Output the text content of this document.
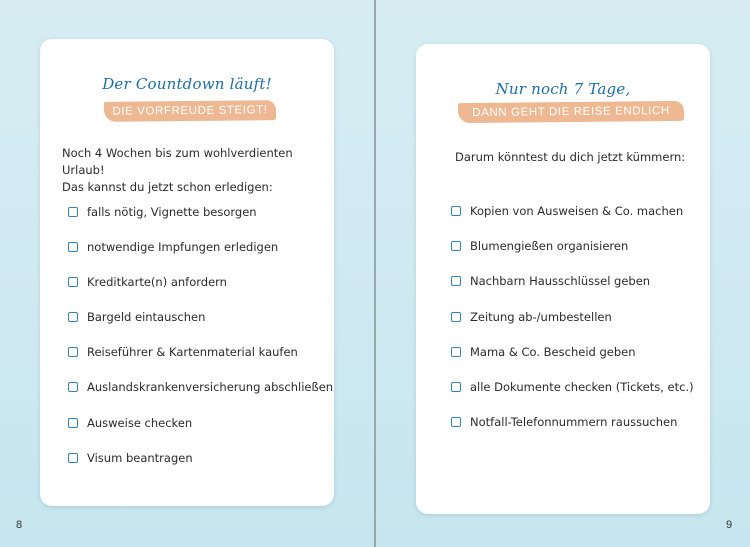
Der Countdown läuft!
DIE VORFREUDE STEIGT!
Noch 4 Wochen bis zum wohlverdienten Urlaub!
Das kannst du jetzt schon erledigen:
falls nötig, Vignette besorgen
notwendige Impfungen erledigen
Kreditkarte(n) anfordern
Bargeld eintauschen
Reiseführer & Kartenmaterial kaufen
Auslandskrankenversicherung abschließen
Ausweise checken
Visum beantragen
Nur noch 7 Tage,
DANN GEHT DIE REISE ENDLICH LOS!
Darum könntest du dich jetzt kümmern:
Kopien von Ausweisen & Co. machen
Blumengießen organisieren
Nachbarn Hausschlüssel geben
Zeitung ab-/umbestellen
Mama & Co. Bescheid geben
alle Dokumente checken (Tickets, etc.)
Notfall-Telefonnummern raussuchen
8	9
